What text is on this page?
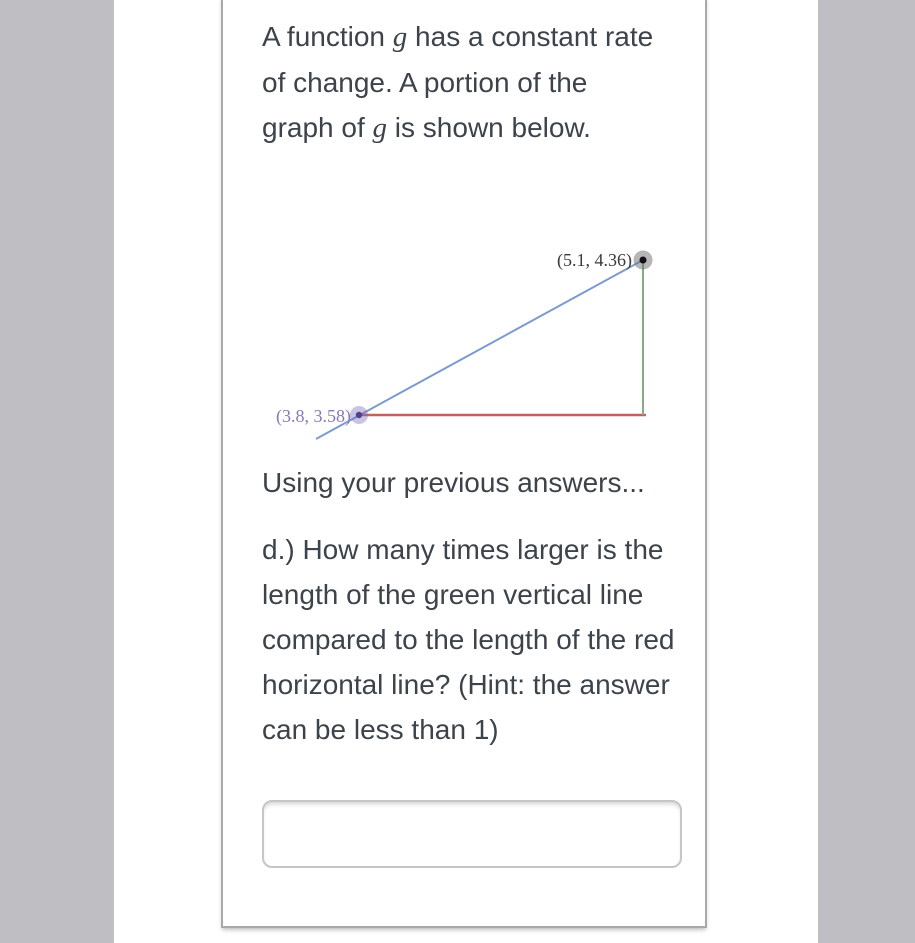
A function g has a constant rate of change. A portion of the graph of g is shown below.
(3.8, 3.58)
(5.1, 4.36)
Using your previous answers...
d.) How many times larger is the length of the green vertical line compared to the length of the red horizontal line? (Hint: the answer can be less than 1)
